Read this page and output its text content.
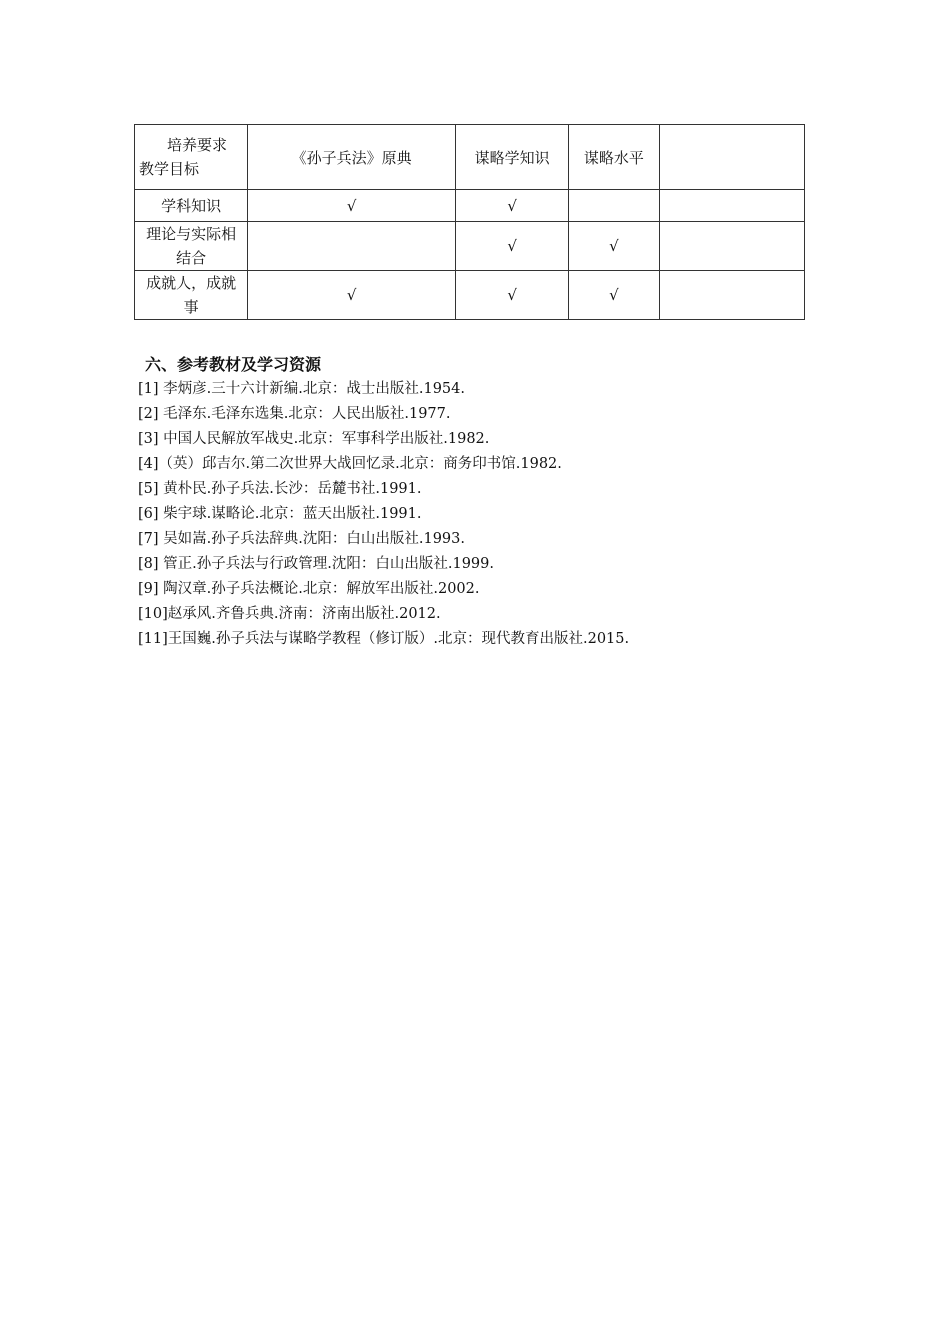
培养要求
教学目标	《孙子兵法》原典	谋略学知识	谋略水平	
学科知识	√	√		
理论与实际相结合		√	√	
成就人，成就事	√	√	√	
六、参考教材及学习资源
[1] 李炳彦.三十六计新编.北京：战士出版社.1954.
[2] 毛泽东.毛泽东选集.北京：人民出版社.1977.
[3] 中国人民解放军战史.北京：军事科学出版社.1982.
[4]（英）邱吉尔.第二次世界大战回忆录.北京：商务印书馆.1982.
[5] 黄朴民.孙子兵法.长沙：岳麓书社.1991.
[6] 柴宇球.谋略论.北京：蓝天出版社.1991.
[7] 吴如嵩.孙子兵法辞典.沈阳：白山出版社.1993.
[8] 管正.孙子兵法与行政管理.沈阳：白山出版社.1999.
[9] 陶汉章.孙子兵法概论.北京：解放军出版社.2002.
[10]赵承风.齐鲁兵典.济南：济南出版社.2012.
[11]王国巍.孙子兵法与谋略学教程（修订版）.北京：现代教育出版社.2015.
